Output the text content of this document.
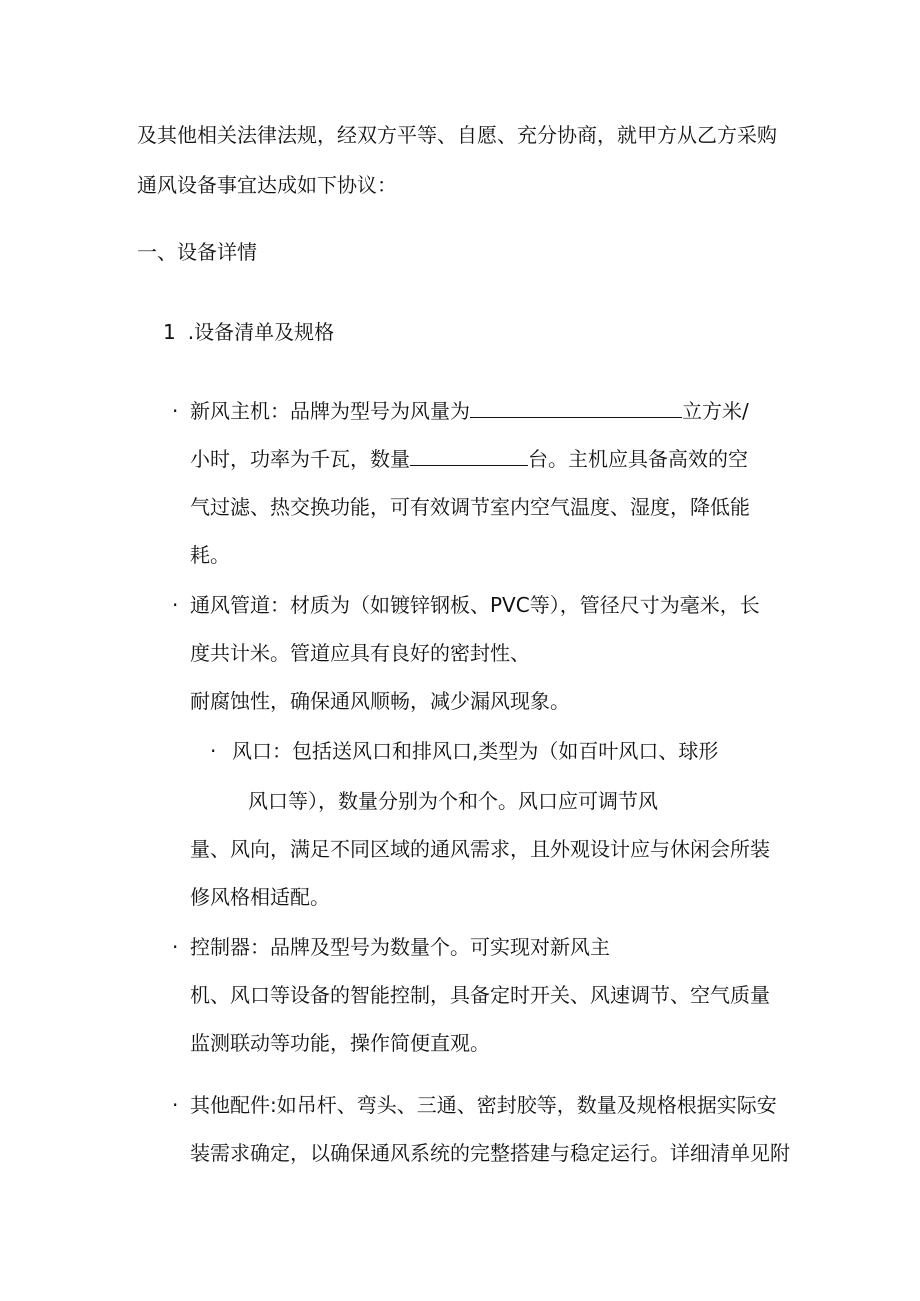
及其他相关法律法规，经双方平等、自愿、充分协商，就甲方从乙方采购
通风设备事宜达成如下协议：
一、设备详情
1 .设备清单及规格
· 新风主机：品牌为型号为风量为	立方米/
小时，功率为千瓦，数量	台。主机应具备高效的空
气过滤、热交换功能，可有效调节室内空气温度、湿度，降低能
耗。
· 通风管道：材质为（如镀锌钢板、PVC等），管径尺寸为毫米，长
度共计米。管道应具有良好的密封性、
耐腐蚀性，确保通风顺畅，减少漏风现象。
· 风口：包括送风口和排风口,类型为（如百叶风口、球形
风口等），数量分别为个和个。风口应可调节风
量、风向，满足不同区域的通风需求，且外观设计应与休闲会所装
修风格相适配。
· 控制器：品牌及型号为数量个。可实现对新风主
机、风口等设备的智能控制，具备定时开关、风速调节、空气质量
监测联动等功能，操作简便直观。
· 其他配件:如吊杆、弯头、三通、密封胶等，数量及规格根据实际安
装需求确定，以确保通风系统的完整搭建与稳定运行。详细清单见附
